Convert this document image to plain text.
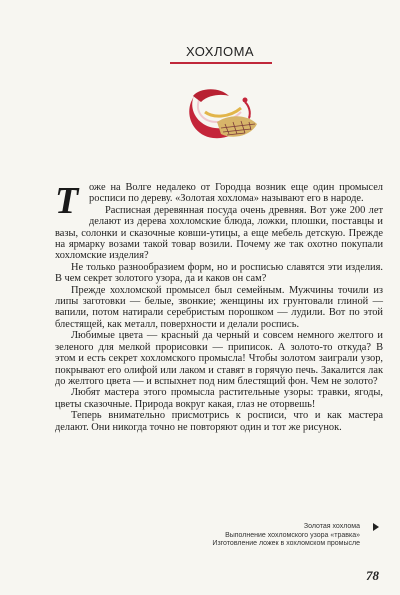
ХОХЛОМА

Т оже на Волге недалеко от Городца возник еще один промысел росписи по дереву. «Золотая хохлома» называют его в народе.

Расписная деревянная посуда очень древняя. Вот уже 200 лет делают из дерева хохломские блюда, ложки, плошки, поставцы и вазы, солонки и сказочные ковши-утицы, а еще мебель детскую. Прежде на ярмарку возами такой товар возили. Почему же так охотно покупали хохломские изделия?

Не только разнообразием форм, но и росписью славятся эти изделия. В чем секрет золотого узора, да и каков он сам?

Прежде хохломской промысел был семейным. Мужчины точили из липы заготовки — белые, звонкие; женщины их грунтовали глиной — вапили, потом натирали серебристым порошком — лудили. Вот по этой блестящей, как металл, поверхности и делали роспись.

Любимые цвета — красный да черный и совсем немного желтого и зеленого для мелкой прорисовки — приписок. А золото-то откуда? В этом и есть секрет хохломского промысла! Чтобы золотом заиграли узор, покрывают его олифой или лаком и ставят в горячую печь. Закалится лак до желтого цвета — и вспыхнет под ним блестящий фон. Чем не золото?

Любят мастера этого промысла растительные узоры: травки, ягоды, цветы сказочные. Природа вокруг какая, глаз не оторвешь!

Теперь внимательно присмотрись к росписи, что и как мастера делают. Они никогда точно не повторяют один и тот же рисунок.

Золотая хохлома
Выполнение хохломского узора «травка»
Изготовление ложек в хохломском промысле
78
